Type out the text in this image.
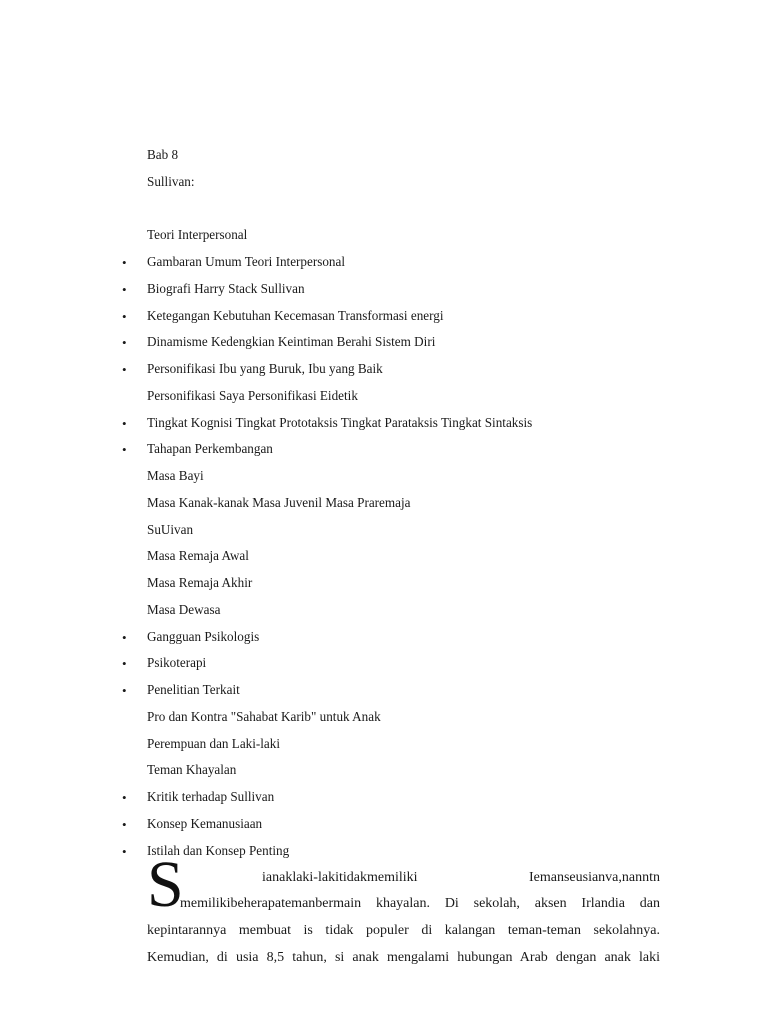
Bab 8
Sullivan:
Teori Interpersonal
• Gambaran Umum Teori Interpersonal
• Biografi Harry Stack Sullivan
• Ketegangan Kebutuhan Kecemasan Transformasi energi
• Dinamisme Kedengkian Keintiman Berahi Sistem Diri
• Personifikasi Ibu yang Buruk, Ibu yang Baik
Personifikasi Saya Personifikasi Eidetik
• Tingkat Kognisi Tingkat Prototaksis Tingkat Parataksis Tingkat Sintaksis
• Tahapan Perkembangan
Masa Bayi
Masa Kanak-kanak Masa Juvenil Masa Praremaja
SuUivan
Masa Remaja Awal
Masa Remaja Akhir
Masa Dewasa
• Gangguan Psikologis
• Psikoterapi
• Penelitian Terkait
Pro dan Kontra "Sahabat Karib" untuk Anak
Perempuan dan Laki-laki
Teman Khayalan
• Kritik terhadap Sullivan
• Konsep Kemanusiaan
• Istilah dan Konsep Penting
S	ianaklaki-lakitidakmemiliki	Iemanseusianva,nanntn
memilikibeherapatemanbermain khayalan. Di sekolah, aksen Irlandia dan
kepintarannya membuat is tidak populer di kalangan teman-teman sekolahnya.
Kemudian, di usia 8,5 tahun, si anak mengalami hubungan Arab dengan anak laki
